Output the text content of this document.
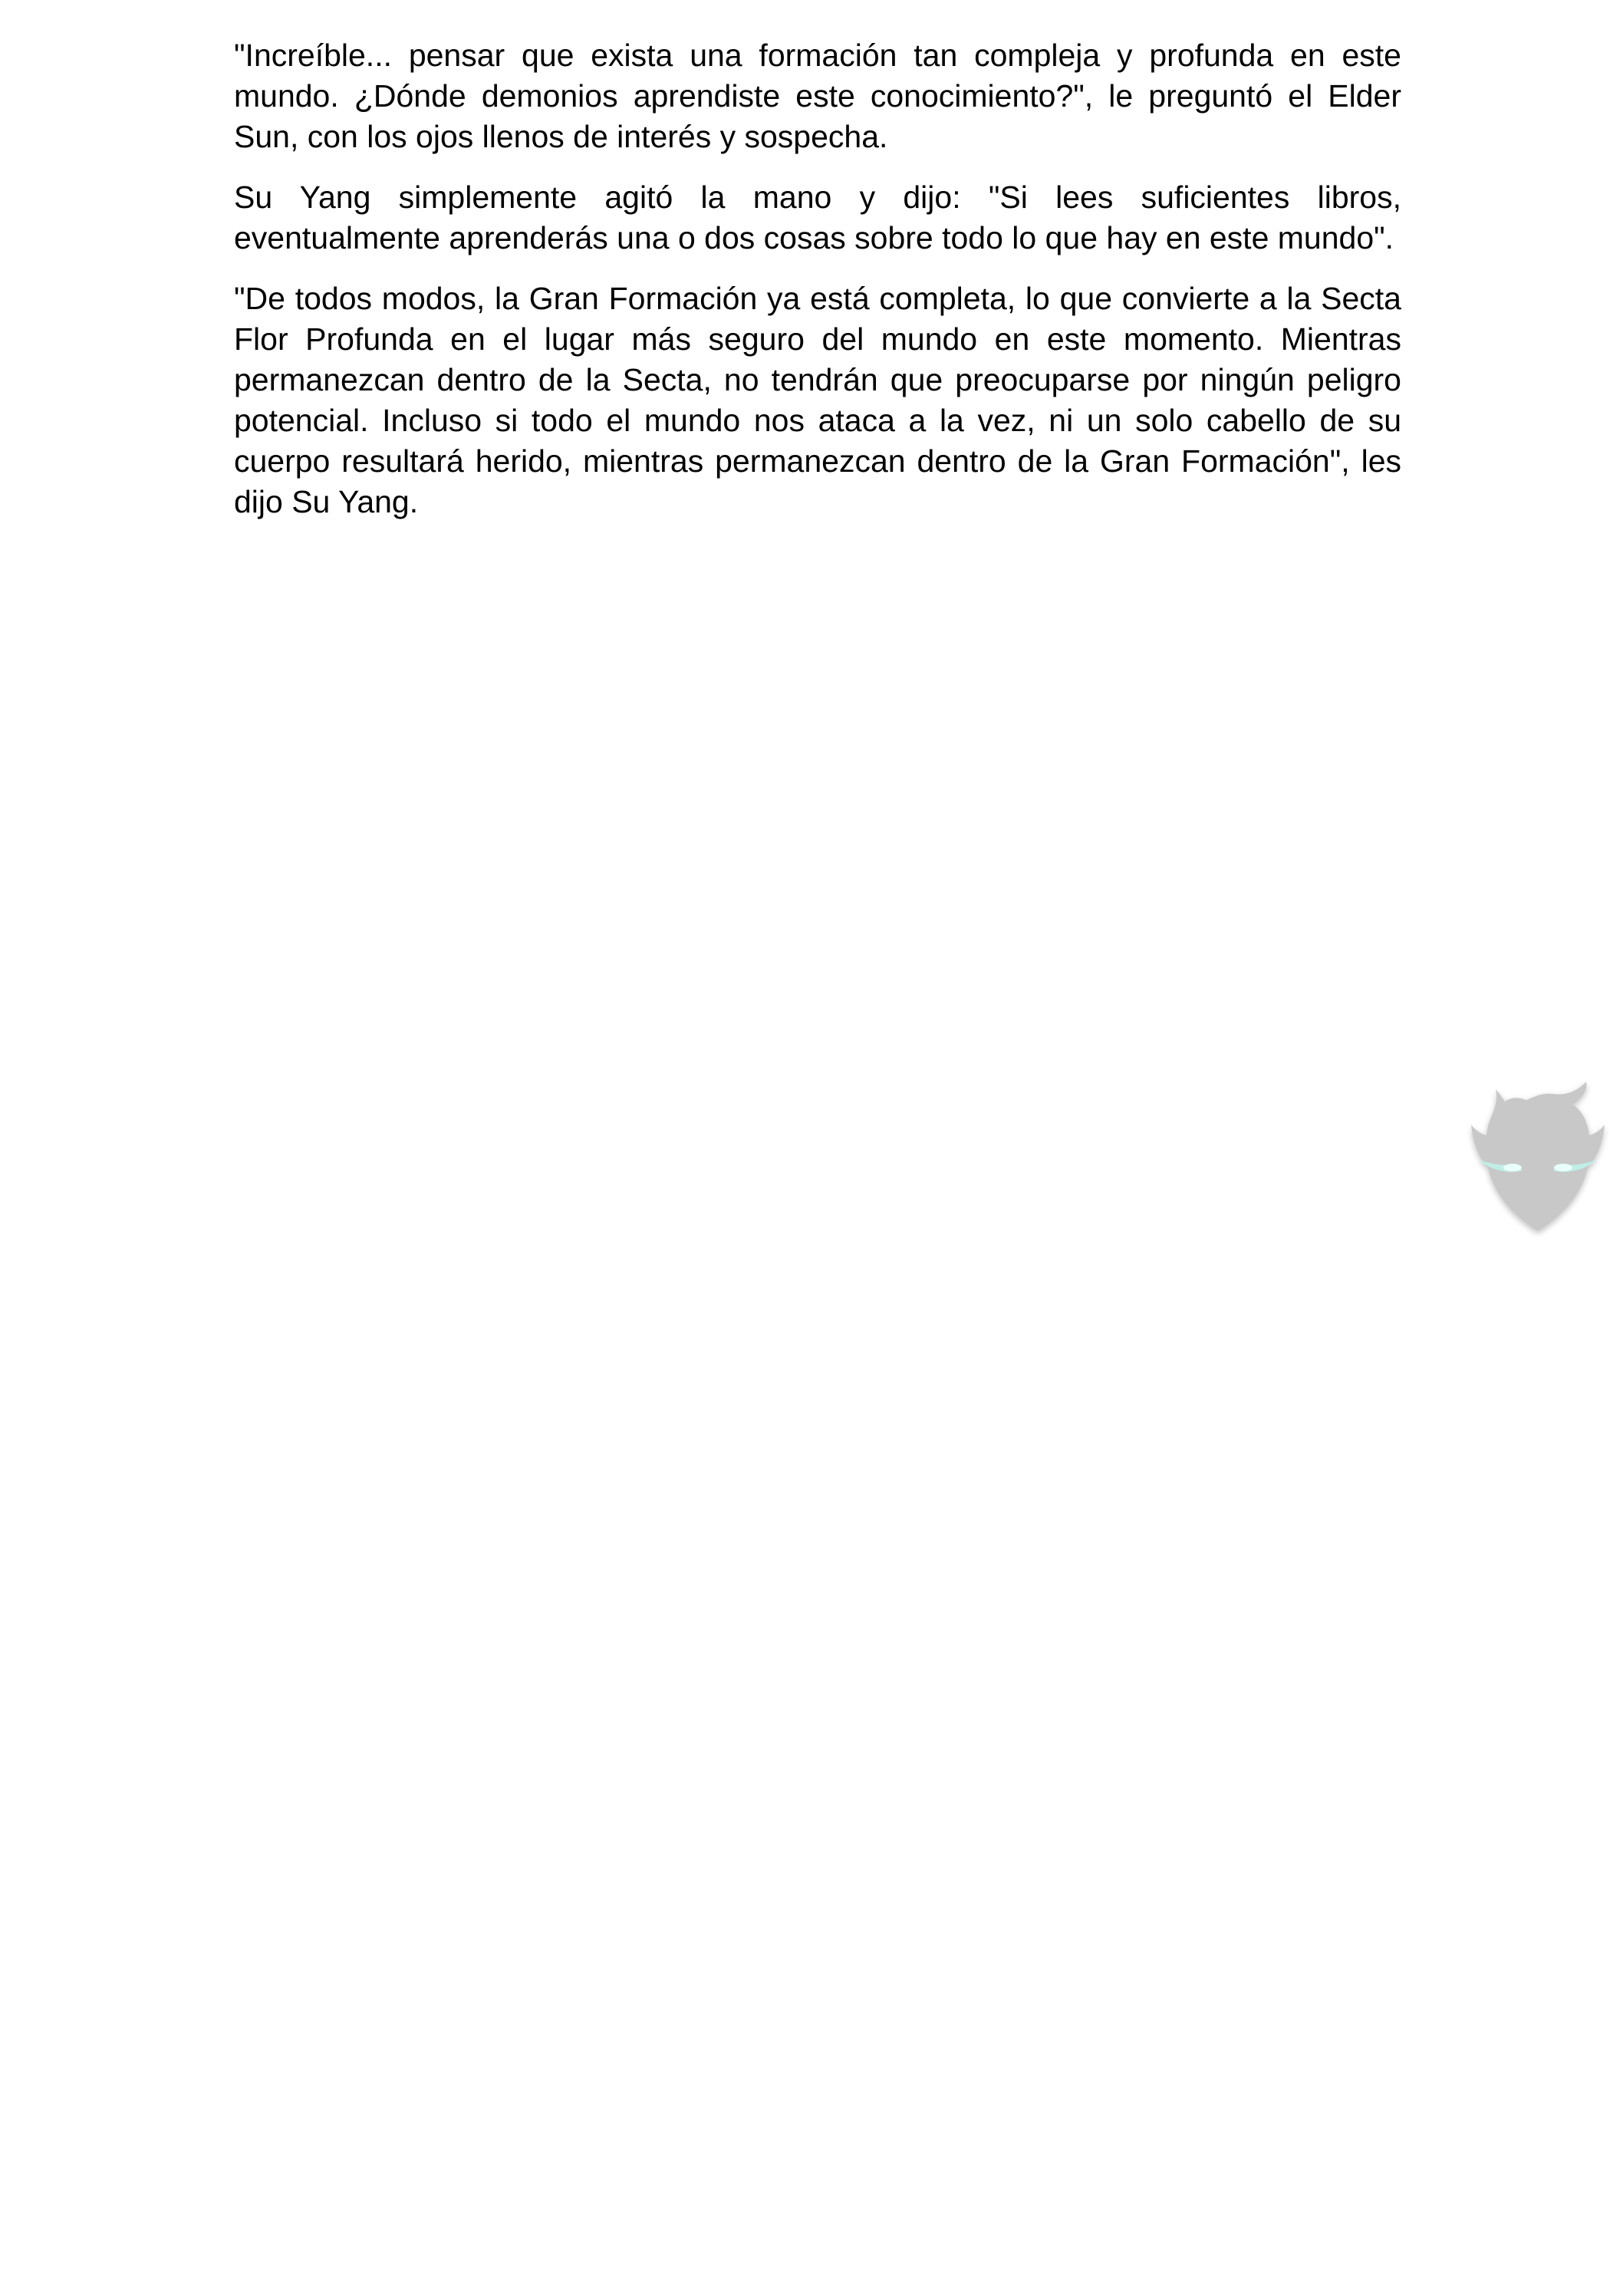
"Increíble... pensar que exista una formación tan compleja y profunda en este mundo. ¿Dónde demonios aprendiste este conocimiento?", le preguntó el Elder Sun, con los ojos llenos de interés y sospecha.

Su Yang simplemente agitó la mano y dijo: "Si lees suficientes libros, eventualmente aprenderás una o dos cosas sobre todo lo que hay en este mundo".

"De todos modos, la Gran Formación ya está completa, lo que convierte a la Secta Flor Profunda en el lugar más seguro del mundo en este momento. Mientras permanezcan dentro de la Secta, no tendrán que preocuparse por ningún peligro potencial. Incluso si todo el mundo nos ataca a la vez, ni un solo cabello de su cuerpo resultará herido, mientras permanezcan dentro de la Gran Formación", les dijo Su Yang.
